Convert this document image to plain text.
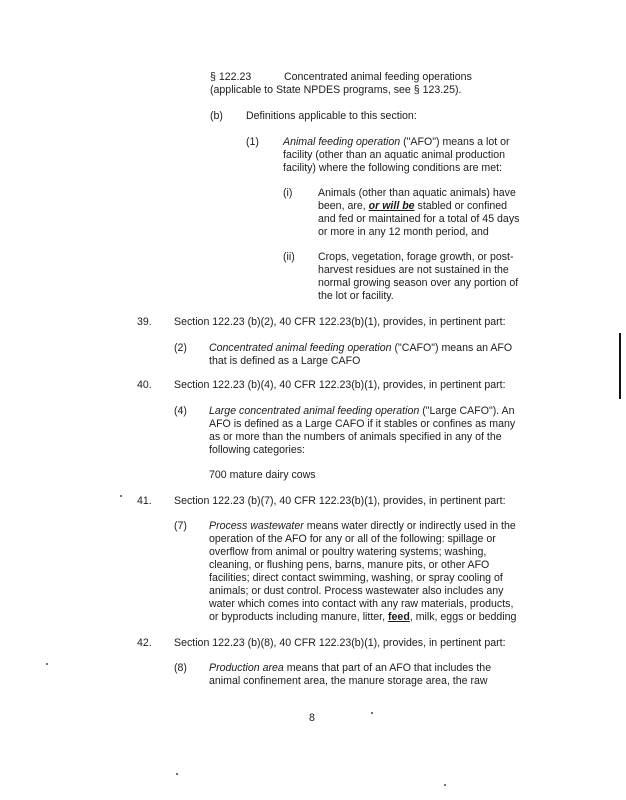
§ 122.23	Concentrated animal feeding operations
(applicable to State NPDES programs, see § 123.25).
(b) Definitions applicable to this section:
(1) Animal feeding operation ("AFO") means a lot or
facility (other than an aquatic animal production
facility) where the following conditions are met:
(i) Animals (other than aquatic animals) have
been, are, or will be stabled or confined
and fed or maintained for a total of 45 days
or more in any 12 month period, and
(ii) Crops, vegetation, forage growth, or post-
harvest residues are not sustained in the
normal growing season over any portion of
the lot or facility.
39. Section 122.23 (b)(2), 40 CFR 122.23(b)(1), provides, in pertinent part:
(2) Concentrated animal feeding operation ("CAFO") means an AFO
that is defined as a Large CAFO
40. Section 122.23 (b)(4), 40 CFR 122.23(b)(1), provides, in pertinent part:
(4) Large concentrated animal feeding operation ("Large CAFO"). An
AFO is defined as a Large CAFO if it stables or confines as many
as or more than the numbers of animals specified in any of the
following categories:
700 mature dairy cows
41. Section 122.23 (b)(7), 40 CFR 122.23(b)(1), provides, in pertinent part:
(7) Process wastewater means water directly or indirectly used in the
operation of the AFO for any or all of the following: spillage or
overflow from animal or poultry watering systems; washing,
cleaning, or flushing pens, barns, manure pits, or other AFO
facilities; direct contact swimming, washing, or spray cooling of
animals; or dust control. Process wastewater also includes any
water which comes into contact with any raw materials, products,
or byproducts including manure, litter, feed, milk, eggs or bedding
42. Section 122.23 (b)(8), 40 CFR 122.23(b)(1), provides, in pertinent part:
(8) Production area means that part of an AFO that includes the
animal confinement area, the manure storage area, the raw
8
